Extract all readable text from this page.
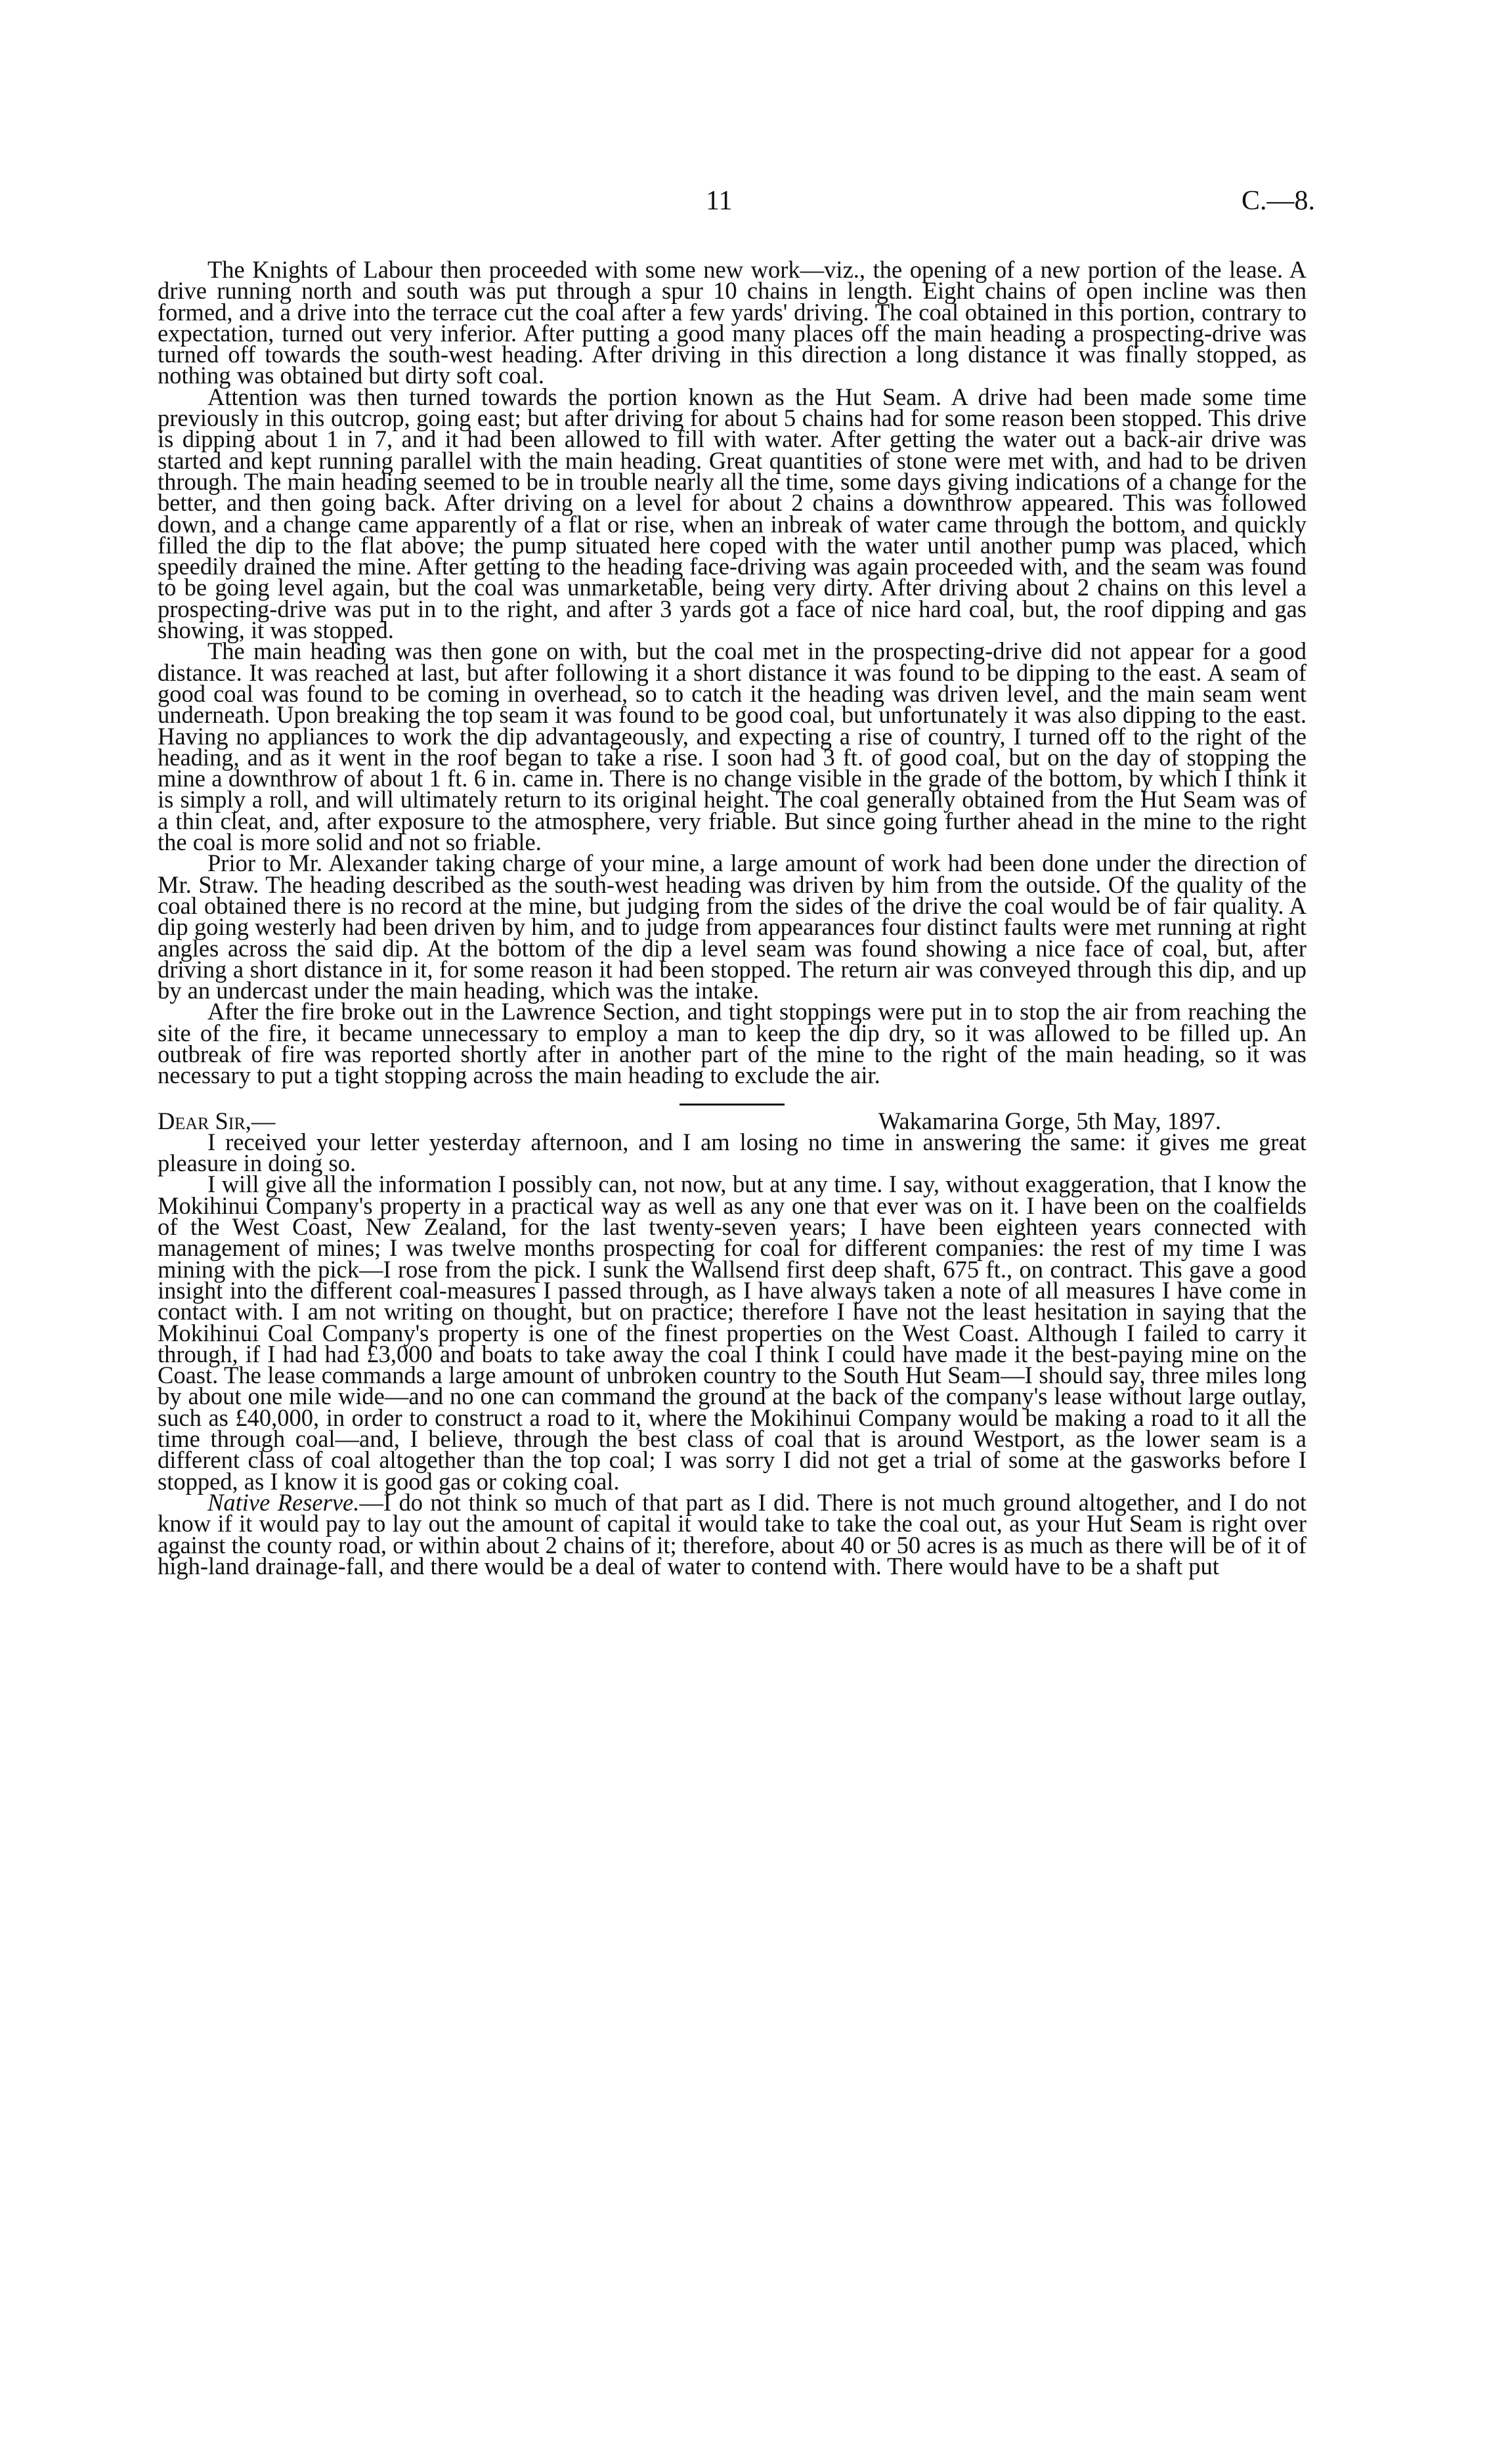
11	C.—8.

The Knights of Labour then proceeded with some new work—viz., the opening of a new portion of the lease. A drive running north and south was put through a spur 10 chains in length. Eight chains of open incline was then formed, and a drive into the terrace cut the coal after a few yards' driving. The coal obtained in this portion, contrary to expectation, turned out very inferior. After putting a good many places off the main heading a prospecting-drive was turned off towards the south-west heading. After driving in this direction a long distance it was finally stopped, as nothing was obtained but dirty soft coal.

Attention was then turned towards the portion known as the Hut Seam. A drive had been made some time previously in this outcrop, going east; but after driving for about 5 chains had for some reason been stopped. This drive is dipping about 1 in 7, and it had been allowed to fill with water. After getting the water out a back-air drive was started and kept running parallel with the main heading. Great quantities of stone were met with, and had to be driven through. The main heading seemed to be in trouble nearly all the time, some days giving indications of a change for the better, and then going back. After driving on a level for about 2 chains a downthrow appeared. This was followed down, and a change came apparently of a flat or rise, when an inbreak of water came through the bottom, and quickly filled the dip to the flat above; the pump situated here coped with the water until another pump was placed, which speedily drained the mine. After getting to the heading face-driving was again proceeded with, and the seam was found to be going level again, but the coal was unmarketable, being very dirty. After driving about 2 chains on this level a prospecting-drive was put in to the right, and after 3 yards got a face of nice hard coal, but, the roof dipping and gas showing, it was stopped.

The main heading was then gone on with, but the coal met in the prospecting-drive did not appear for a good distance. It was reached at last, but after following it a short distance it was found to be dipping to the east. A seam of good coal was found to be coming in overhead, so to catch it the heading was driven level, and the main seam went underneath. Upon breaking the top seam it was found to be good coal, but unfortunately it was also dipping to the east. Having no appliances to work the dip advantageously, and expecting a rise of country, I turned off to the right of the heading, and as it went in the roof began to take a rise. I soon had 3 ft. of good coal, but on the day of stopping the mine a downthrow of about 1 ft. 6 in. came in. There is no change visible in the grade of the bottom, by which I think it is simply a roll, and will ultimately return to its original height. The coal generally obtained from the Hut Seam was of a thin cleat, and, after exposure to the atmosphere, very friable. But since going further ahead in the mine to the right the coal is more solid and not so friable.

Prior to Mr. Alexander taking charge of your mine, a large amount of work had been done under the direction of Mr. Straw. The heading described as the south-west heading was driven by him from the outside. Of the quality of the coal obtained there is no record at the mine, but judging from the sides of the drive the coal would be of fair quality. A dip going westerly had been driven by him, and to judge from appearances four distinct faults were met running at right angles across the said dip. At the bottom of the dip a level seam was found showing a nice face of coal, but, after driving a short distance in it, for some reason it had been stopped. The return air was conveyed through this dip, and up by an undercast under the main heading, which was the intake.

After the fire broke out in the Lawrence Section, and tight stoppings were put in to stop the air from reaching the site of the fire, it became unnecessary to employ a man to keep the dip dry, so it was allowed to be filled up. An outbreak of fire was reported shortly after in another part of the mine to the right of the main heading, so it was necessary to put a tight stopping across the main heading to exclude the air.

Dear Sir,—	Wakamarina Gorge, 5th May, 1897.

I received your letter yesterday afternoon, and I am losing no time in answering the same: it gives me great pleasure in doing so.

I will give all the information I possibly can, not now, but at any time. I say, without exaggeration, that I know the Mokihinui Company's property in a practical way as well as any one that ever was on it. I have been on the coalfields of the West Coast, New Zealand, for the last twenty-seven years; I have been eighteen years connected with management of mines; I was twelve months prospecting for coal for different companies: the rest of my time I was mining with the pick—I rose from the pick. I sunk the Wallsend first deep shaft, 675 ft., on contract. This gave a good insight into the different coal-measures I passed through, as I have always taken a note of all measures I have come in contact with. I am not writing on thought, but on practice; therefore I have not the least hesitation in saying that the Mokihinui Coal Company's property is one of the finest properties on the West Coast. Although I failed to carry it through, if I had had £3,000 and boats to take away the coal I think I could have made it the best-paying mine on the Coast. The lease commands a large amount of unbroken country to the South Hut Seam—I should say, three miles long by about one mile wide—and no one can command the ground at the back of the company's lease without large outlay, such as £40,000, in order to construct a road to it, where the Mokihinui Company would be making a road to it all the time through coal—and, I believe, through the best class of coal that is around Westport, as the lower seam is a different class of coal altogether than the top coal; I was sorry I did not get a trial of some at the gasworks before I stopped, as I know it is good gas or coking coal.

Native Reserve.—I do not think so much of that part as I did. There is not much ground altogether, and I do not know if it would pay to lay out the amount of capital it would take to take the coal out, as your Hut Seam is right over against the county road, or within about 2 chains of it; therefore, about 40 or 50 acres is as much as there will be of it of high-land drainage-fall, and there would be a deal of water to contend with. There would have to be a shaft put
